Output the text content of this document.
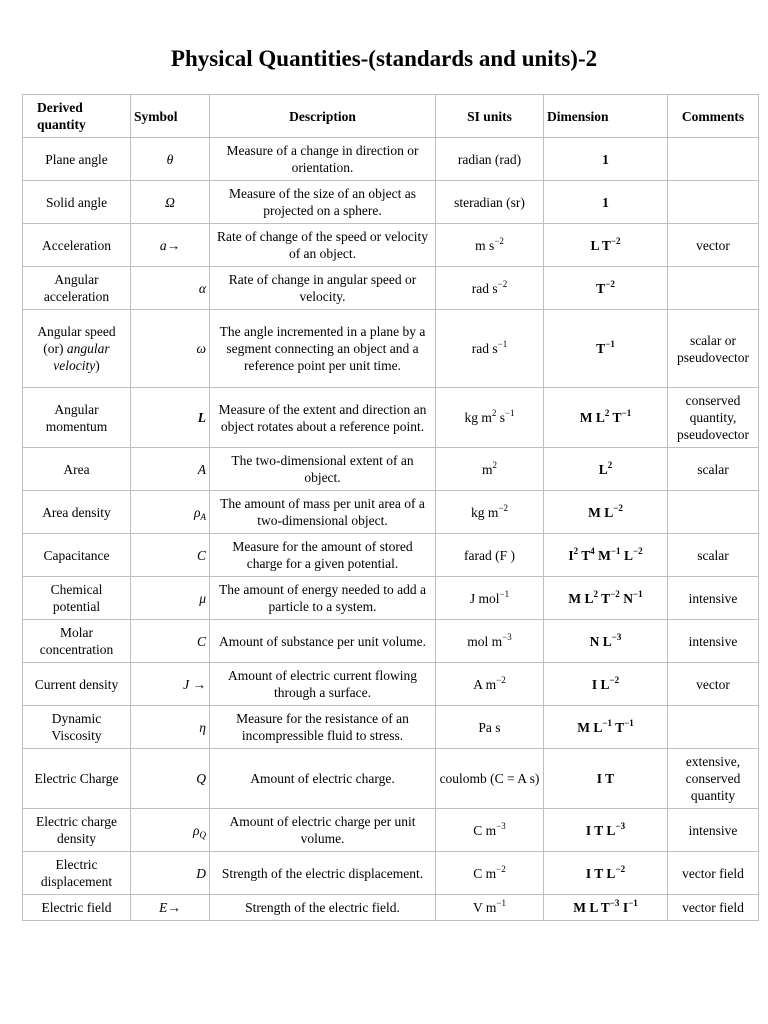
Physical Quantities-(standards and units)-2
Derived quantity	Symbol	Description	SI units	Dimension	Comments
Plane angle	θ	Measure of a change in direction or orientation.	radian (rad)	1	
Solid angle	Ω	Measure of the size of an object as projected on a sphere.	steradian (sr)	1	
Acceleration	a→	Rate of change of the speed or velocity of an object.	m $s^{-2}$	L $T^{-2}$	vector
Angular acceleration	α	Rate of change in angular speed or velocity.	rad $s^{-2}$	$T^{-2}$	
Angular speed (or) angular velocity)	ω	The angle incremented in a plane by a segment connecting an object and a reference point per unit time.	rad $s^{-1}$	$T^{-1}$	scalar or pseudovector
Angular momentum	L	Measure of the extent and direction an object rotates about a reference point.	kg $m^2$ $s^{-1}$	M $L^2$ $T^{-1}$	conserved quantity, pseudovector
Area	A	The two-dimensional extent of an object.	$m^2$	$L^2$	scalar
Area density	$\rho_A$	The amount of mass per unit area of a two-dimensional object.	kg $m^{-2}$	M $L^{-2}$	
Capacitance	C	Measure for the amount of stored charge for a given potential.	farad (F )	$I^2$ $T^4$ $M^{-1}$ $L^{-2}$	scalar
Chemical potential	μ	The amount of energy needed to add a particle to a system.	J mol$^{-1}$	M $L^2$ $T^{-2}$ $N^{-1}$	intensive
Molar concentration	C	Amount of substance per unit volume.	mol $m^{-3}$	N $L^{-3}$	intensive
Current density	J →	Amount of electric current flowing through a surface.	A $m^{-2}$	I $L^{-2}$	vector
Dynamic Viscosity	η	Measure for the resistance of an incompressible fluid to stress.	Pa s	M $L^{-1}$ $T^{-1}$	
Electric Charge	Q	Amount of electric charge.	coulomb (C = A s)	I T	extensive, conserved quantity
Electric charge density	$\rho_Q$	Amount of electric charge per unit volume.	C $m^{-3}$	I T $L^{-3}$	intensive
Electric displacement	D	Strength of the electric displacement.	C $m^{-2}$	I T $L^{-2}$	vector field
Electric field	E→	Strength of the electric field.	V $m^{-1}$	M L $T^{-3}$ $I^{-1}$	vector field
